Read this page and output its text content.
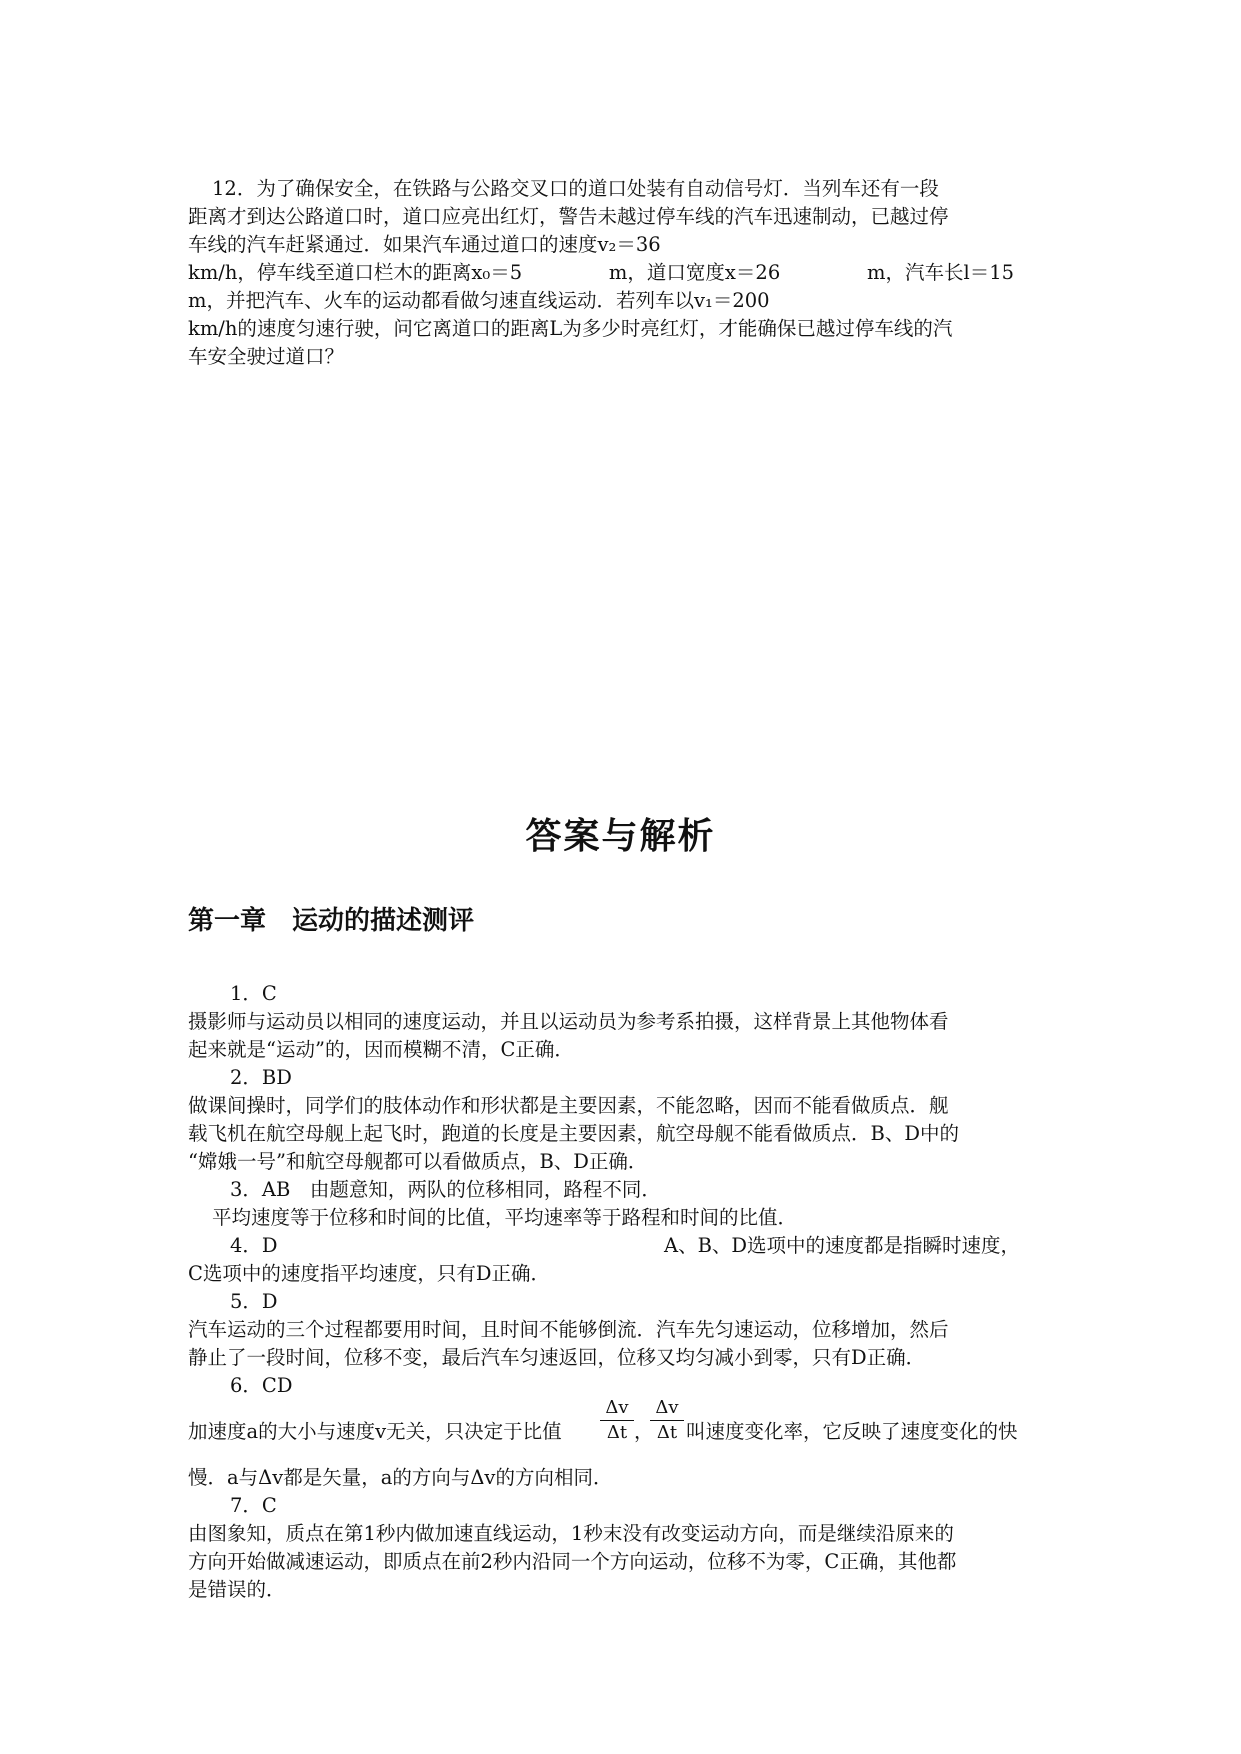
12．为了确保安全，在铁路与公路交叉口的道口处装有自动信号灯．当列车还有一段
距离才到达公路道口时，道口应亮出红灯，警告未越过停车线的汽车迅速制动，已越过停
车线的汽车赶紧通过．如果汽车通过道口的速度v₂＝36
km/h，停车线至道口栏木的距离x₀＝5              m，道口宽度x＝26              m，汽车长l＝15
m，并把汽车、火车的运动都看做匀速直线运动．若列车以v₁＝200
km/h的速度匀速行驶，问它离道口的距离L为多少时亮红灯，才能确保已越过停车线的汽
车安全驶过道口？
答案与解析
第一章　运动的描述测评
1．C
摄影师与运动员以相同的速度运动，并且以运动员为参考系拍摄，这样背景上其他物体看
起来就是“运动”的，因而模糊不清，C正确．
2．BD
做课间操时，同学们的肢体动作和形状都是主要因素，不能忽略，因而不能看做质点．舰
载飞机在航空母舰上起飞时，跑道的长度是主要因素，航空母舰不能看做质点．B、D中的
“嫦娥一号”和航空母舰都可以看做质点，B、D正确．
3．AB　由题意知，两队的位移相同，路程不同．
平均速度等于位移和时间的比值，平均速率等于路程和时间的比值．
4．D	A、B、D选项中的速度都是指瞬时速度，
C选项中的速度指平均速度，只有D正确．
5．D
汽车运动的三个过程都要用时间，且时间不能够倒流．汽车先匀速运动，位移增加，然后
静止了一段时间，位移不变，最后汽车匀速返回，位移又均匀减小到零，只有D正确．
6．CD
加速度a的大小与速度v无关，只决定于比值 $\frac{\Delta v}{\Delta t}$ ，
$\frac{\Delta v}{\Delta t}$ 叫速度变化率，它反映了速度变化的快
慢．a与Δv都是矢量，a的方向与Δv的方向相同．
7．C
由图象知，质点在第1秒内做加速直线运动，1秒末没有改变运动方向，而是继续沿原来的
方向开始做减速运动，即质点在前2秒内沿同一个方向运动，位移不为零，C正确，其他都
是错误的．
